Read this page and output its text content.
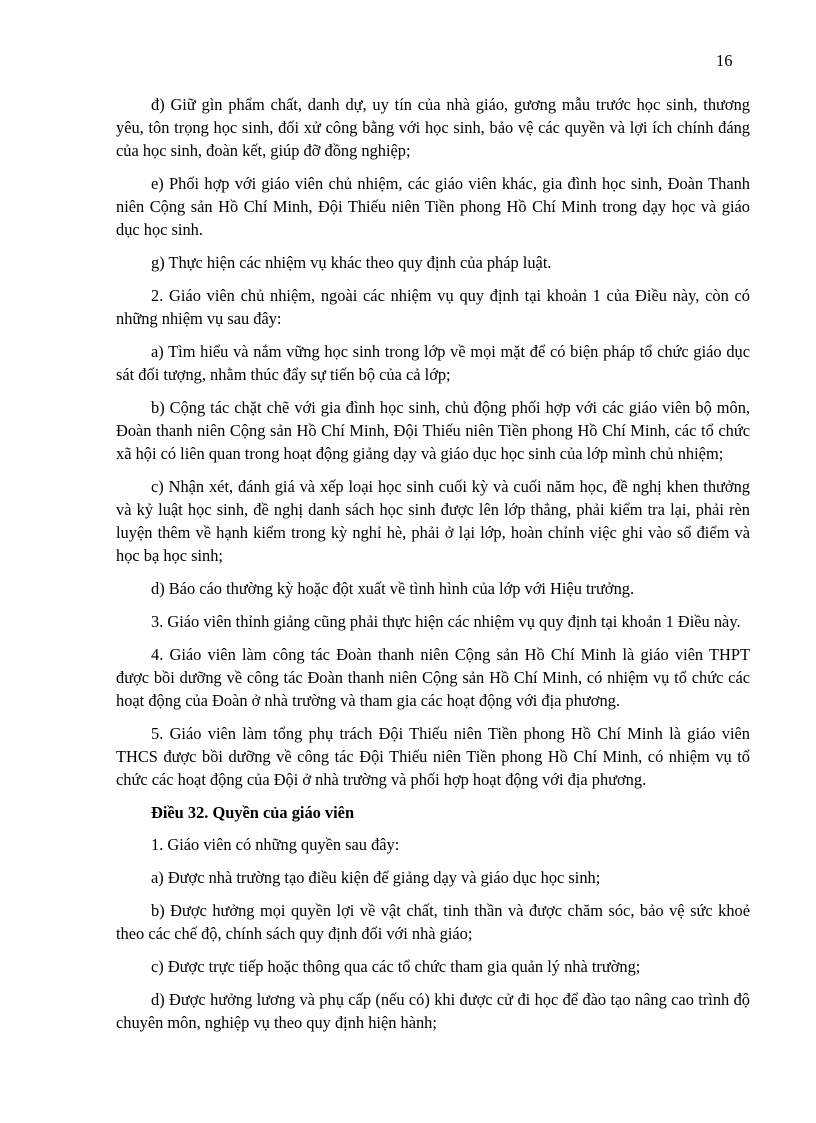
16

đ) Giữ gìn phẩm chất, danh dự, uy tín của nhà giáo, gương mẫu trước học sinh, thương yêu, tôn trọng học sinh, đối xử công bằng với học sinh, bảo vệ các quyền và lợi ích chính đáng của học sinh, đoàn kết, giúp đỡ đồng nghiệp;

e) Phối hợp với giáo viên chủ nhiệm, các giáo viên khác, gia đình học sinh, Đoàn Thanh niên Cộng sản Hồ Chí Minh, Đội Thiếu niên Tiền phong Hồ Chí Minh trong dạy học và giáo dục học sinh.

g) Thực hiện các nhiệm vụ khác theo quy định của pháp luật.

2. Giáo viên chủ nhiệm, ngoài các nhiệm vụ quy định tại khoản 1 của Điều này, còn có những nhiệm vụ sau đây:

a) Tìm hiểu và nắm vững học sinh trong lớp về mọi mặt để có biện pháp tổ chức giáo dục sát đối tượng, nhằm thúc đẩy sự tiến bộ của cả lớp;

b) Cộng tác chặt chẽ với gia đình học sinh, chủ động phối hợp với các giáo viên bộ môn, Đoàn thanh niên Cộng sản Hồ Chí Minh, Đội Thiếu niên Tiền phong Hồ Chí Minh, các tổ chức xã hội có liên quan trong hoạt động giảng dạy và giáo dục học sinh của lớp mình chủ nhiệm;

c) Nhận xét, đánh giá và xếp loại học sinh cuối kỳ và cuối năm học, đề nghị khen thưởng và kỷ luật học sinh, đề nghị danh sách học sinh được lên lớp thẳng, phải kiểm tra lại, phải rèn luyện thêm về hạnh kiểm trong kỳ nghỉ hè, phải ở lại lớp, hoàn chỉnh việc ghi vào sổ điểm và học bạ học sinh;

d) Báo cáo thường kỳ hoặc đột xuất về tình hình của lớp với Hiệu trưởng.

3. Giáo viên thỉnh giảng cũng phải thực hiện các nhiệm vụ quy định tại khoản 1 Điều này.

4. Giáo viên làm công tác Đoàn thanh niên Cộng sản Hồ Chí Minh là giáo viên THPT được bồi dưỡng về công tác Đoàn thanh niên Cộng sản Hồ Chí Minh, có nhiệm vụ tổ chức các hoạt động của Đoàn ở nhà trường và tham gia các hoạt động với địa phương.

5. Giáo viên làm tổng phụ trách Đội Thiếu niên Tiền phong Hồ Chí Minh là giáo viên THCS được bồi dưỡng về công tác Đội Thiếu niên Tiền phong Hồ Chí Minh, có nhiệm vụ tổ chức các hoạt động của Đội ở nhà trường và phối hợp hoạt động với địa phương.

Điều 32. Quyền của giáo viên

1. Giáo viên có những quyền sau đây:

a) Được nhà trường tạo điều kiện để giảng dạy và giáo dục học sinh;

b) Được hưởng mọi quyền lợi về vật chất, tinh thần và được chăm sóc, bảo vệ sức khoẻ theo các chế độ, chính sách quy định đối với nhà giáo;

c) Được trực tiếp hoặc thông qua các tổ chức tham gia quản lý nhà trường;

d) Được hưởng lương và phụ cấp (nếu có) khi được cử đi học để đào tạo nâng cao trình độ chuyên môn, nghiệp vụ theo quy định hiện hành;
